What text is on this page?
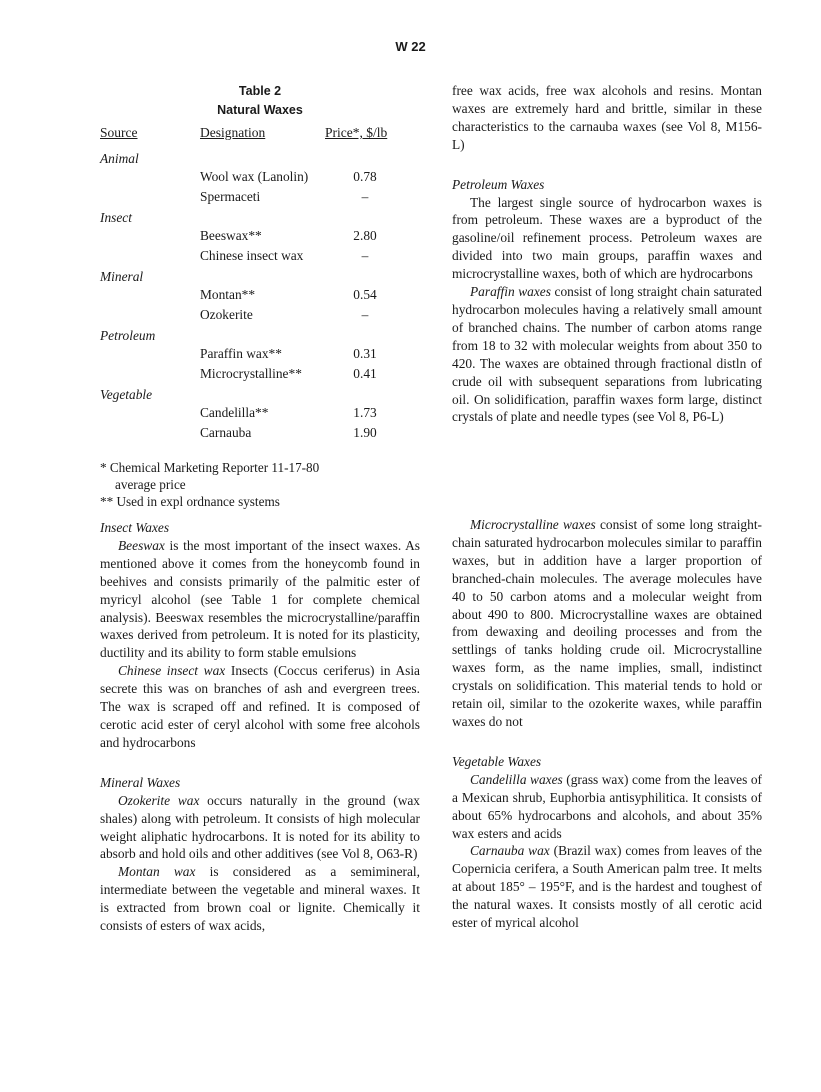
W 22
Table 2
Natural Waxes
Source	Designation	Price*, $/lb
Animal
Wool wax (Lanolin)	0.78
Spermaceti	–
Insect
Beeswax**	2.80
Chinese insect wax	–
Mineral
Montan**	0.54
Ozokerite	–
Petroleum
Paraffin wax**	0.31
Microcrystalline**	0.41
Vegetable
Candelilla**	1.73
Carnauba	1.90
* Chemical Marketing Reporter 11-17-80
average price
** Used in expl ordnance systems

free wax acids, free wax alcohols and resins. Montan waxes are extremely hard and brittle, similar in these characteristics to the carnauba waxes (see Vol 8, M156-L)

Petroleum Waxes

The largest single source of hydrocarbon waxes is from petroleum. These waxes are a byproduct of the gasoline/oil refinement process. Petroleum waxes are divided into two main groups, paraffin waxes and microcrystalline waxes, both of which are hydrocarbons

Paraffin waxes consist of long straight chain saturated hydrocarbon molecules having a relatively small amount of branched chains. The number of carbon atoms range from 18 to 32 with molecular weights from about 350 to 420. The waxes are obtained through fractional distln of crude oil with subsequent separations from lubricating oil. On solidification, paraffin waxes form large, distinct crystals of plate and needle types (see Vol 8, P6-L)

Insect Waxes

Beeswax is the most important of the insect waxes. As mentioned above it comes from the honeycomb found in beehives and consists primarily of the palmitic ester of myricyl alcohol (see Table 1 for complete chemical analysis). Beeswax resembles the microcrystalline/paraffin waxes derived from petroleum. It is noted for its plasticity, ductility and its ability to form stable emulsions

Chinese insect wax Insects (Coccus ceriferus) in Asia secrete this was on branches of ash and evergreen trees. The wax is scraped off and refined. It is composed of cerotic acid ester of ceryl alcohol with some free alcohols and hydrocarbons

Mineral Waxes

Ozokerite wax occurs naturally in the ground (wax shales) along with petroleum. It consists of high molecular weight aliphatic hydrocarbons. It is noted for its ability to absorb and hold oils and other additives (see Vol 8, O63-R)

Montan wax is considered as a semimineral, intermediate between the vegetable and mineral waxes. It is extracted from brown coal or lignite. Chemically it consists of esters of wax acids,

Microcrystalline waxes consist of some long straight-chain saturated hydrocarbon molecules similar to paraffin waxes, but in addition have a larger proportion of branched-chain molecules. The average molecules have 40 to 50 carbon atoms and a molecular weight from about 490 to 800. Microcrystalline waxes are obtained from dewaxing and deoiling processes and from the settlings of tanks holding crude oil. Microcrystalline waxes form, as the name implies, small, indistinct crystals on solidification. This material tends to hold or retain oil, similar to the ozokerite waxes, while paraffin waxes do not

Vegetable Waxes

Candelilla waxes (grass wax) come from the leaves of a Mexican shrub, Euphorbia antisyphilitica. It consists of about 65% hydrocarbons and alcohols, and about 35% wax esters and acids

Carnauba wax (Brazil wax) comes from leaves of the Copernicia cerifera, a South American palm tree. It melts at about 185° – 195°F, and is the hardest and toughest of the natural waxes. It consists mostly of all cerotic acid ester of myrical alcohol
